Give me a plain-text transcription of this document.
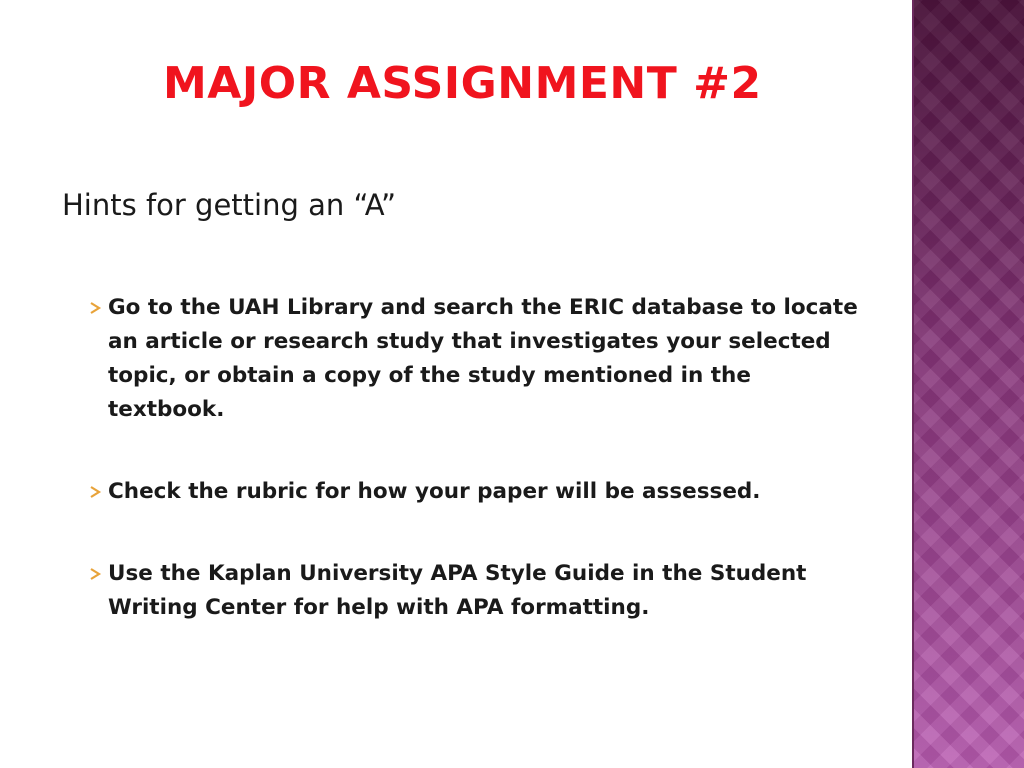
MAJOR ASSIGNMENT #2
Hints for getting an “A”
Go to the UAH Library and search the ERIC database to locate an article or research study that investigates your selected topic, or obtain a copy of the study mentioned in the textbook.
Check the rubric for how your paper will be assessed.
Use the Kaplan University APA Style Guide in the Student Writing Center for help with APA formatting.
